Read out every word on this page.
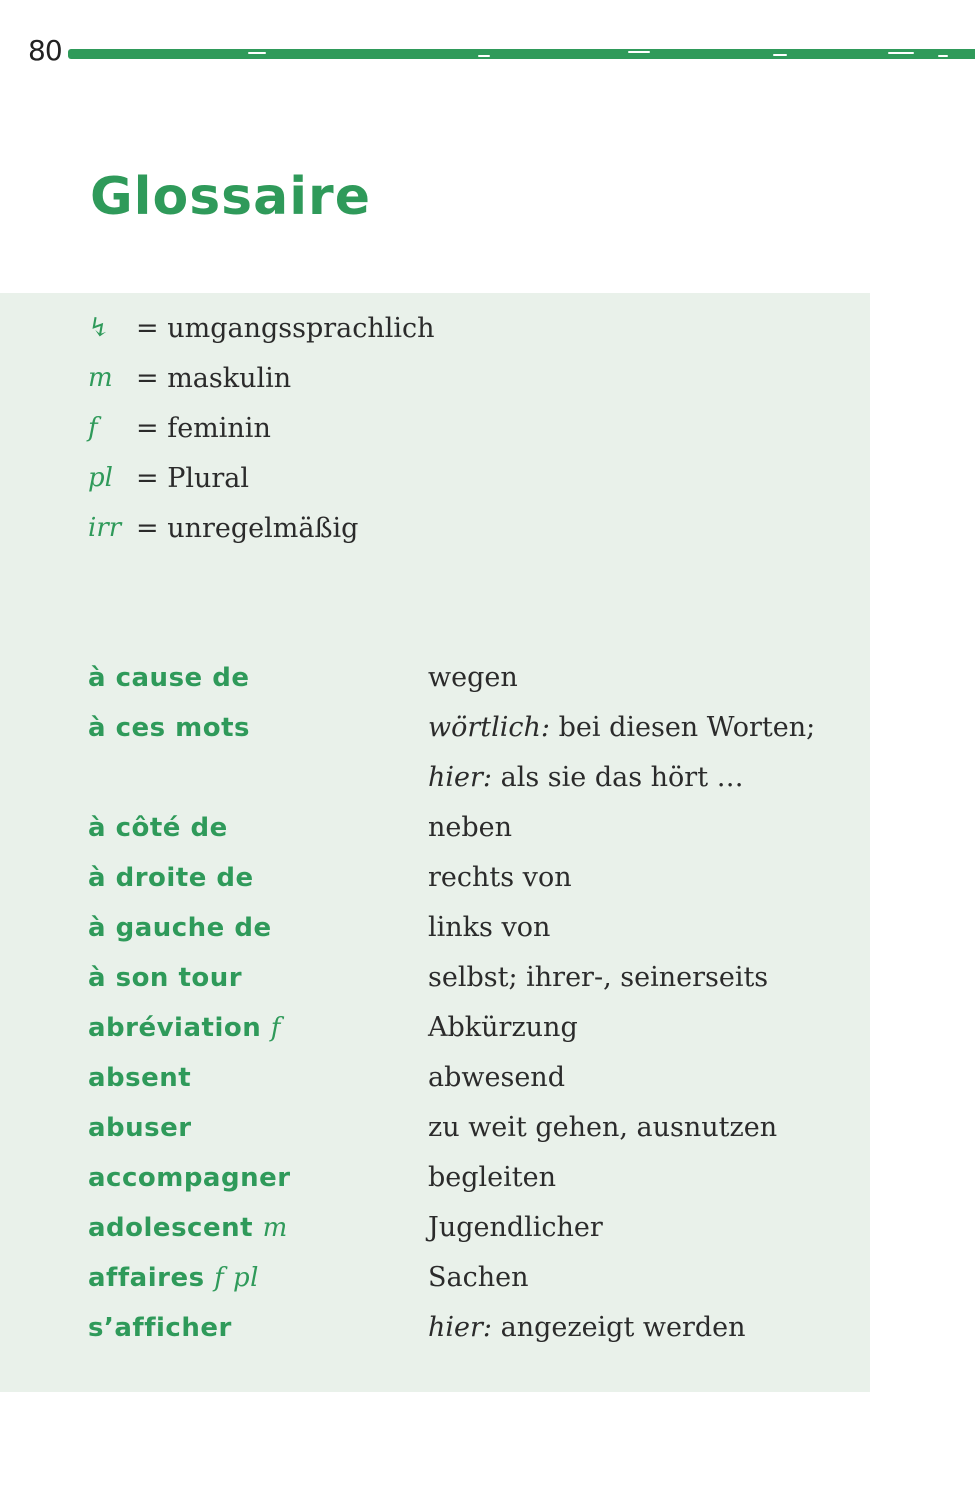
80
Glossaire
↯ = umgangssprachlich
m = maskulin
f	= feminin
pl = Plural
irr = unregelmäßig
à cause de	wegen
à ces mots	wörtlich: bei diesen Worten;
hier: als sie das hört …
à côté de	neben
à droite de	rechts von
à gauche de	links von
à son tour	selbst; ihrer-, seinerseits
abréviation f	Abkürzung
absent	abwesend
abuser	zu weit gehen, ausnutzen
accompagner	begleiten
adolescent m	Jugendlicher
affaires f pl	Sachen
s’afficher	hier: angezeigt werden
